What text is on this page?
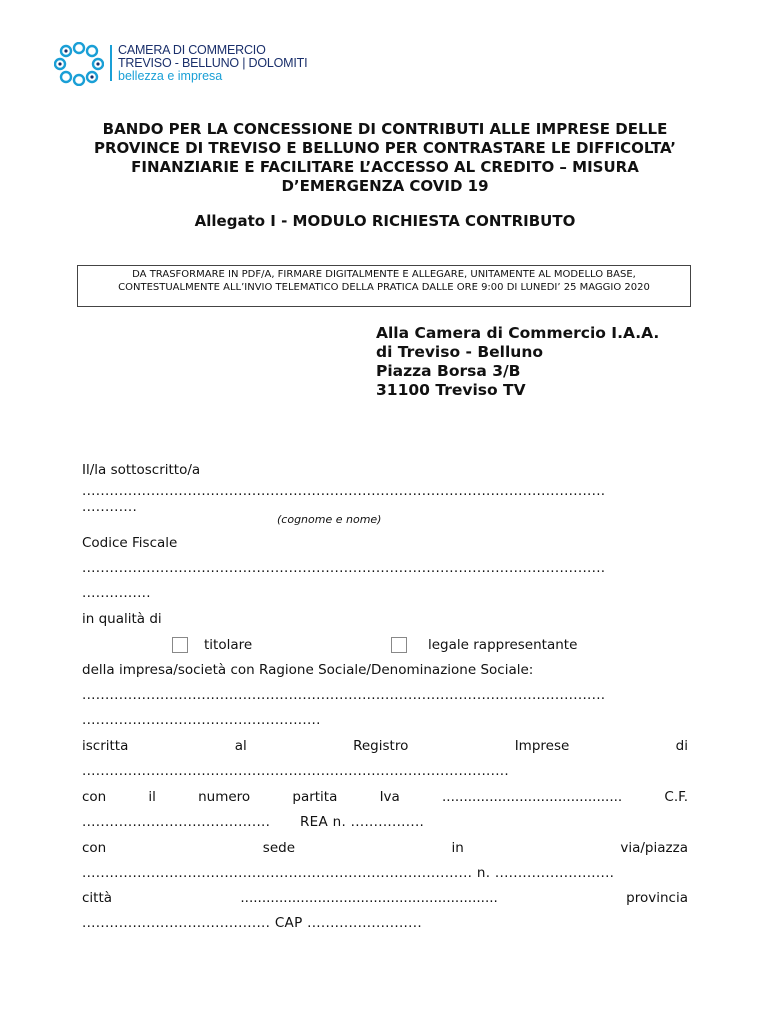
CAMERA DI COMMERCIO
TREVISO - BELLUNO | DOLOMITI
bellezza e impresa
BANDO PER LA CONCESSIONE DI CONTRIBUTI ALLE IMPRESE DELLE PROVINCE DI TREVISO E BELLUNO PER CONTRASTARE LE DIFFICOLTA’ FINANZIARIE E FACILITARE L’ACCESSO AL CREDITO – MISURA D’EMERGENZA COVID 19
Allegato I - MODULO RICHIESTA CONTRIBUTO
DA TRASFORMARE IN PDF/A, FIRMARE DIGITALMENTE E ALLEGARE, UNITAMENTE AL MODELLO BASE, CONTESTUALMENTE ALL’INVIO TELEMATICO DELLA PRATICA DALLE ORE 9:00 DI LUNEDI’ 25 MAGGIO 2020
Alla Camera di Commercio I.A.A.
di Treviso - Belluno
Piazza Borsa 3/B
31100 Treviso TV
Il/la sottoscritto/a
..................................................................................................................
............
(cognome e nome)
Codice Fiscale
..................................................................................................................
...............
in qualità di
titolare	legale rappresentante
della impresa/società con Ragione Sociale/Denominazione Sociale:
..................................................................................................................
....................................................
iscritta	al	Registro	Imprese	di
.............................................................................................
con	il	numero	partita	Iva	..........................................	C.F.
......................................... REA n. ................
con	sede	in	via/piazza
..................................................................................... n. ..........................
città	............................................................	provincia
......................................... CAP .........................
